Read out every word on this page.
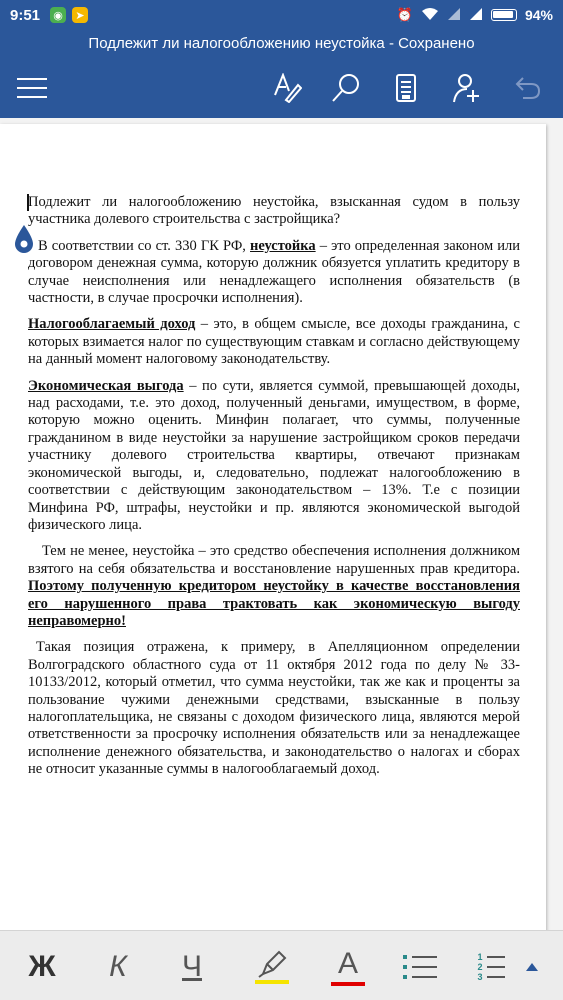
9:51 ◉	➤	⏰	94%
Подлежит ли налогообложению неустойка - Сохранено

Подлежит ли налогообложению неустойка, взысканная судом в пользу участника долевого строительства с застройщика?

В соответствии со ст. 330 ГК РФ, неустойка – это определенная законом или договором денежная сумма, которую должник обязуется уплатить кредитору в случае неисполнения или ненадлежащего исполнения обязательств (в частности, в случае просрочки исполнения).

Налогооблагаемый доход – это, в общем смысле, все доходы гражданина, с которых взимается налог по существующим ставкам и согласно действующему на данный момент налоговому законодательству.

Экономическая выгода – по сути, является суммой, превышающей доходы, над расходами, т.е. это доход, полученный деньгами, имуществом, в форме, которую можно оценить. Минфин полагает, что суммы, полученные гражданином в виде неустойки за нарушение застройщиком сроков передачи участнику долевого строительства квартиры, отвечают признакам экономической выгоды, и, следовательно, подлежат налогообложению в соответствии с действующим законодательством – 13%. Т.е с позиции Минфина РФ, штрафы, неустойки и пр. являются экономической выгодой физического лица.

Тем не менее, неустойка – это средство обеспечения исполнения должником взятого на себя обязательства и восстановление нарушенных прав кредитора. Поэтому полученную кредитором неустойку в качестве восстановления его нарушенного права трактовать как экономическую выгоду неправомерно!

Такая позиция отражена, к примеру, в Апелляционном определении Волгоградского областного суда от 11 октября 2012 года по делу № 33-10133/2012, который отметил, что сумма неустойки, так же как и проценты за пользование чужими денежными средствами, взысканные в пользу налогоплательщика, не связаны с доходом физического лица, являются мерой ответственности за просрочку исполнения обязательств или за ненадлежащее исполнение денежного обязательства, и законодательство о налогах и сборах не относит указанные суммы в налогооблагаемый доход.

Ж К Ч	А	1
2
3
